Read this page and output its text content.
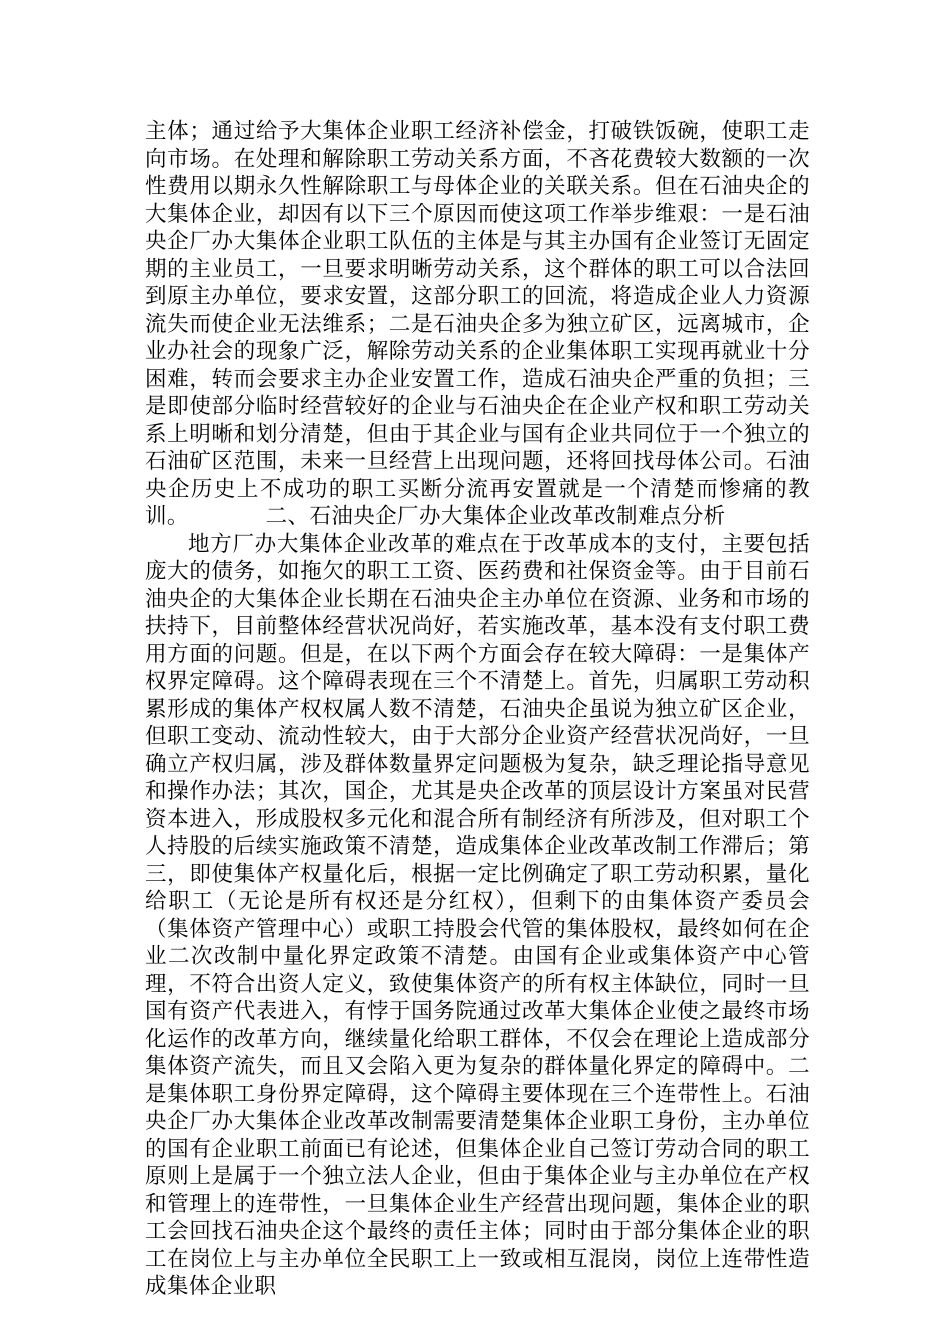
主体；通过给予大集体企业职工经济补偿金，打破铁饭碗，使职工走向市场。在处理和解除职工劳动关系方面，不吝花费较大数额的一次性费用以期永久性解除职工与母体企业的关联关系。但在石油央企的大集体企业，却因有以下三个原因而使这项工作举步维艰：一是石油央企厂办大集体企业职工队伍的主体是与其主办国有企业签订无固定期的主业员工，一旦要求明晰劳动关系，这个群体的职工可以合法回到原主办单位，要求安置，这部分职工的回流，将造成企业人力资源流失而使企业无法维系；二是石油央企多为独立矿区，远离城市，企业办社会的现象广泛，解除劳动关系的企业集体职工实现再就业十分困难，转而会要求主办企业安置工作，造成石油央企严重的负担；三是即使部分临时经营较好的企业与石油央企在企业产权和职工劳动关系上明晰和划分清楚，但由于其企业与国有企业共同位于一个独立的石油矿区范围，未来一旦经营上出现问题，还将回找母体公司。石油央企历史上不成功的职工买断分流再安置就是一个清楚而惨痛的教训。　　　　二、石油央企厂办大集体企业改革改制难点分析

地方厂办大集体企业改革的难点在于改革成本的支付，主要包括庞大的债务，如拖欠的职工工资、医药费和社保资金等。由于目前石油央企的大集体企业长期在石油央企主办单位在资源、业务和市场的扶持下，目前整体经营状况尚好，若实施改革，基本没有支付职工费用方面的问题。但是，在以下两个方面会存在较大障碍：一是集体产权界定障碍。这个障碍表现在三个不清楚上。首先，归属职工劳动积累形成的集体产权权属人数不清楚，石油央企虽说为独立矿区企业，但职工变动、流动性较大，由于大部分企业资产经营状况尚好，一旦确立产权归属，涉及群体数量界定问题极为复杂，缺乏理论指导意见和操作办法；其次，国企，尤其是央企改革的顶层设计方案虽对民营资本进入，形成股权多元化和混合所有制经济有所涉及，但对职工个人持股的后续实施政策不清楚，造成集体企业改革改制工作滞后；第三，即使集体产权量化后，根据一定比例确定了职工劳动积累，量化给职工（无论是所有权还是分红权），但剩下的由集体资产委员会（集体资产管理中心）或职工持股会代管的集体股权，最终如何在企业二次改制中量化界定政策不清楚。由国有企业或集体资产中心管理，不符合出资人定义，致使集体资产的所有权主体缺位，同时一旦国有资产代表进入，有悖于国务院通过改革大集体企业使之最终市场化运作的改革方向，继续量化给职工群体，不仅会在理论上造成部分集体资产流失，而且又会陷入更为复杂的群体量化界定的障碍中。二是集体职工身份界定障碍，这个障碍主要体现在三个连带性上。石油央企厂办大集体企业改革改制需要清楚集体企业职工身份，主办单位的国有企业职工前面已有论述，但集体企业自己签订劳动合同的职工原则上是属于一个独立法人企业，但由于集体企业与主办单位在产权和管理上的连带性，一旦集体企业生产经营出现问题，集体企业的职工会回找石油央企这个最终的责任主体；同时由于部分集体企业的职工在岗位上与主办单位全民职工上一致或相互混岗，岗位上连带性造成集体企业职
